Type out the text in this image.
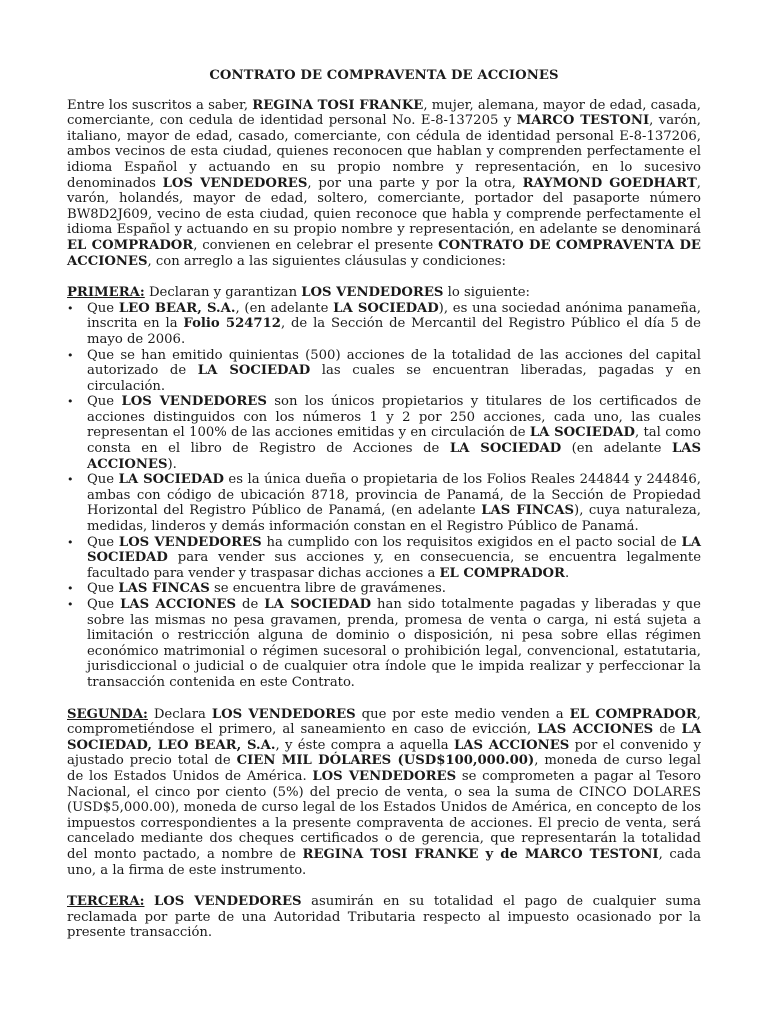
CONTRATO DE COMPRAVENTA DE ACCIONES

Entre los suscritos a saber, REGINA TOSI FRANKE, mujer, alemana, mayor de edad, casada, comerciante, con cedula de identidad personal No. E-8-137205 y MARCO TESTONI, varón, italiano, mayor de edad, casado, comerciante, con cédula de identidad personal E-8-137206, ambos vecinos de esta ciudad, quienes reconocen que hablan y comprenden perfectamente el idioma Español y actuando en su propio nombre y representación, en lo sucesivo denominados LOS VENDEDORES, por una parte y por la otra, RAYMOND GOEDHART, varón, holandés, mayor de edad, soltero, comerciante, portador del pasaporte número BW8D2J609, vecino de esta ciudad, quien reconoce que habla y comprende perfectamente el idioma Español y actuando en su propio nombre y representación, en adelante se denominará EL COMPRADOR, convienen en celebrar el presente CONTRATO DE COMPRAVENTA DE ACCIONES, con arreglo a las siguientes cláusulas y condiciones:

PRIMERA: Declaran y garantizan LOS VENDEDORES lo siguiente:

•	Que LEO BEAR, S.A., (en adelante LA SOCIEDAD), es una sociedad anónima panameña, inscrita en la Folio 524712, de la Sección de Mercantil del Registro Público el día 5 de mayo de 2006.
•	Que se han emitido quinientas (500) acciones de la totalidad de las acciones del capital autorizado de LA SOCIEDAD las cuales se encuentran liberadas, pagadas y en circulación.
•	Que LOS VENDEDORES son los únicos propietarios y titulares de los certificados de acciones distinguidos con los números 1 y 2 por 250 acciones, cada uno, las cuales representan el 100% de las acciones emitidas y en circulación de LA SOCIEDAD, tal como consta en el libro de Registro de Acciones de LA SOCIEDAD (en adelante LAS ACCIONES).
•	Que LA SOCIEDAD es la única dueña o propietaria de los Folios Reales 244844 y 244846, ambas con código de ubicación 8718, provincia de Panamá, de la Sección de Propiedad Horizontal del Registro Público de Panamá, (en adelante LAS FINCAS), cuya naturaleza, medidas, linderos y demás información constan en el Registro Público de Panamá.
•	Que LOS VENDEDORES ha cumplido con los requisitos exigidos en el pacto social de LA SOCIEDAD para vender sus acciones y, en consecuencia, se encuentra legalmente facultado para vender y traspasar dichas acciones a EL COMPRADOR.
•	Que LAS FINCAS se encuentra libre de gravámenes.
•	Que LAS ACCIONES de LA SOCIEDAD han sido totalmente pagadas y liberadas y que sobre las mismas no pesa gravamen, prenda, promesa de venta o carga, ni está sujeta a limitación o restricción alguna de dominio o disposición, ni pesa sobre ellas régimen económico matrimonial o régimen sucesoral o prohibición legal, convencional, estatutaria, jurisdiccional o judicial o de cualquier otra índole que le impida realizar y perfeccionar la transacción contenida en este Contrato.

SEGUNDA: Declara LOS VENDEDORES que por este medio venden a EL COMPRADOR, comprometiéndose el primero, al saneamiento en caso de evicción, LAS ACCIONES de LA SOCIEDAD, LEO BEAR, S.A., y éste compra a aquella LAS ACCIONES por el convenido y ajustado precio total de CIEN MIL DÓLARES (USD$100,000.00), moneda de curso legal de los Estados Unidos de América. LOS VENDEDORES se comprometen a pagar al Tesoro Nacional, el cinco por ciento (5%) del precio de venta, o sea la suma de CINCO DOLARES (USD$5,000.00), moneda de curso legal de los Estados Unidos de América, en concepto de los impuestos correspondientes a la presente compraventa de acciones. El precio de venta, será cancelado mediante dos cheques certificados o de gerencia, que representarán la totalidad del monto pactado, a nombre de REGINA TOSI FRANKE y de MARCO TESTONI, cada uno, a la firma de este instrumento.

TERCERA: LOS VENDEDORES asumirán en su totalidad el pago de cualquier suma reclamada por parte de una Autoridad Tributaria respecto al impuesto ocasionado por la presente transacción.
